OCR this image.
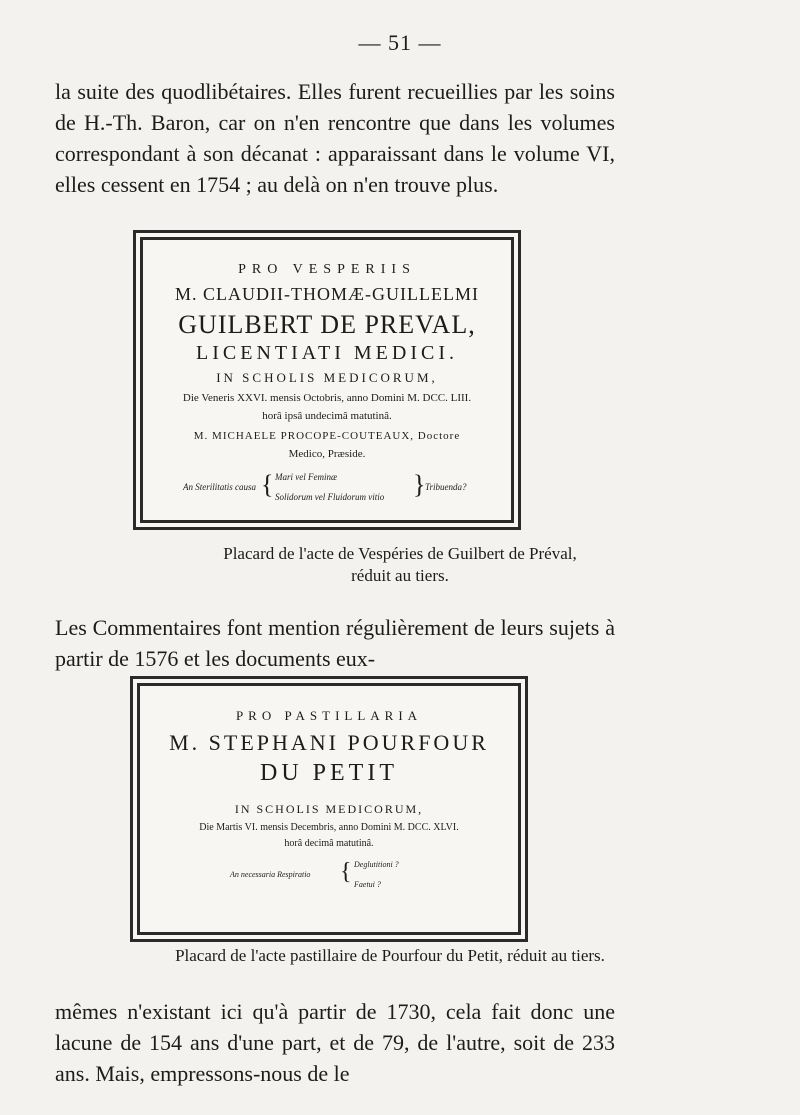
— 51 —
la suite des quodlibétaires. Elles furent recueillies par les soins de H.-Th. Baron, car on n'en rencontre que dans les volumes correspondant à son décanat : apparaissant dans le volume VI, elles cessent en 1754 ; au delà on n'en trouve plus.
PRO VESPERIIS
M. CLAUDII-THOMÆ-GUILLELMI
GUILBERT DE PREVAL,
LICENTIATI MEDICI.
IN SCHOLIS MEDICORUM,
Die Veneris XXVI. mensis Octobris, anno Domini M. DCC. LIII.
horâ ipsâ undecimâ matutinâ.
M. MICHAELE PROCOPE-COUTEAUX, Doctore
Medico, Præside.
An Sterilitatis causa { Mari vel Feminæ
Solidorum vel Fluidorum vitio } Tribuenda?
Placard de l'acte de Vespéries de Guilbert de Préval,
réduit au tiers.
Les Commentaires font mention régulièrement de leurs sujets à partir de 1576 et les documents eux-
PRO PASTILLARIA
M. STEPHANI POURFOUR
DU PETIT
IN SCHOLIS MEDICORUM,
Die Martis VI. mensis Decembris, anno Domini M. DCC. XLVI.
horâ decimâ matutinâ.
An necessaria Respiratio { Deglutitioni ?
Faetui ?
Placard de l'acte pastillaire de Pourfour du Petit, réduit au tiers.
mêmes n'existant ici qu'à partir de 1730, cela fait donc une lacune de 154 ans d'une part, et de 79, de l'autre, soit de 233 ans. Mais, empressons-nous de le
